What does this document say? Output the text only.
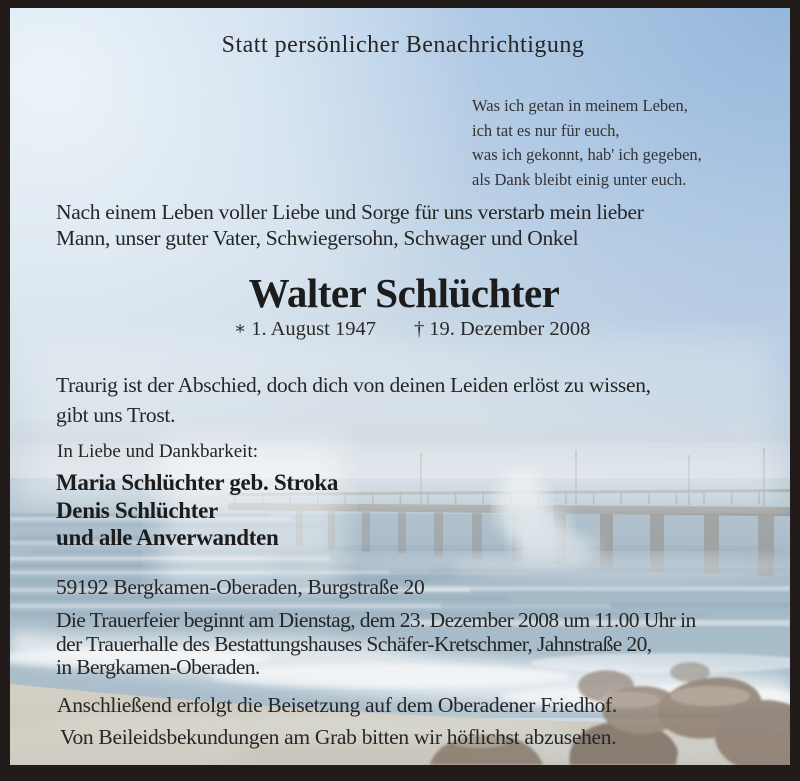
Statt persönlicher Benachrichtigung
Was ich getan in meinem Leben,
ich tat es nur für euch,
was ich gekonnt, hab' ich gegeben,
als Dank bleibt einig unter euch.
Nach einem Leben voller Liebe und Sorge für uns verstarb mein lieber
Mann, unser guter Vater, Schwiegersohn, Schwager und Onkel
Walter Schlüchter
∗ 1. August 1947 † 19. Dezember 2008
Traurig ist der Abschied, doch dich von deinen Leiden erlöst zu wissen,
gibt uns Trost.
In Liebe und Dankbarkeit:
Maria Schlüchter geb. Stroka
Denis Schlüchter
und alle Anverwandten
59192 Bergkamen-Oberaden, Burgstraße 20
Die Trauerfeier beginnt am Dienstag, dem 23. Dezember 2008 um 11.00 Uhr in
der Trauerhalle des Bestattungshauses Schäfer-Kretschmer, Jahnstraße 20,
in Bergkamen-Oberaden.
Anschließend erfolgt die Beisetzung auf dem Oberadener Friedhof.
Von Beileidsbekundungen am Grab bitten wir höflichst abzusehen.
